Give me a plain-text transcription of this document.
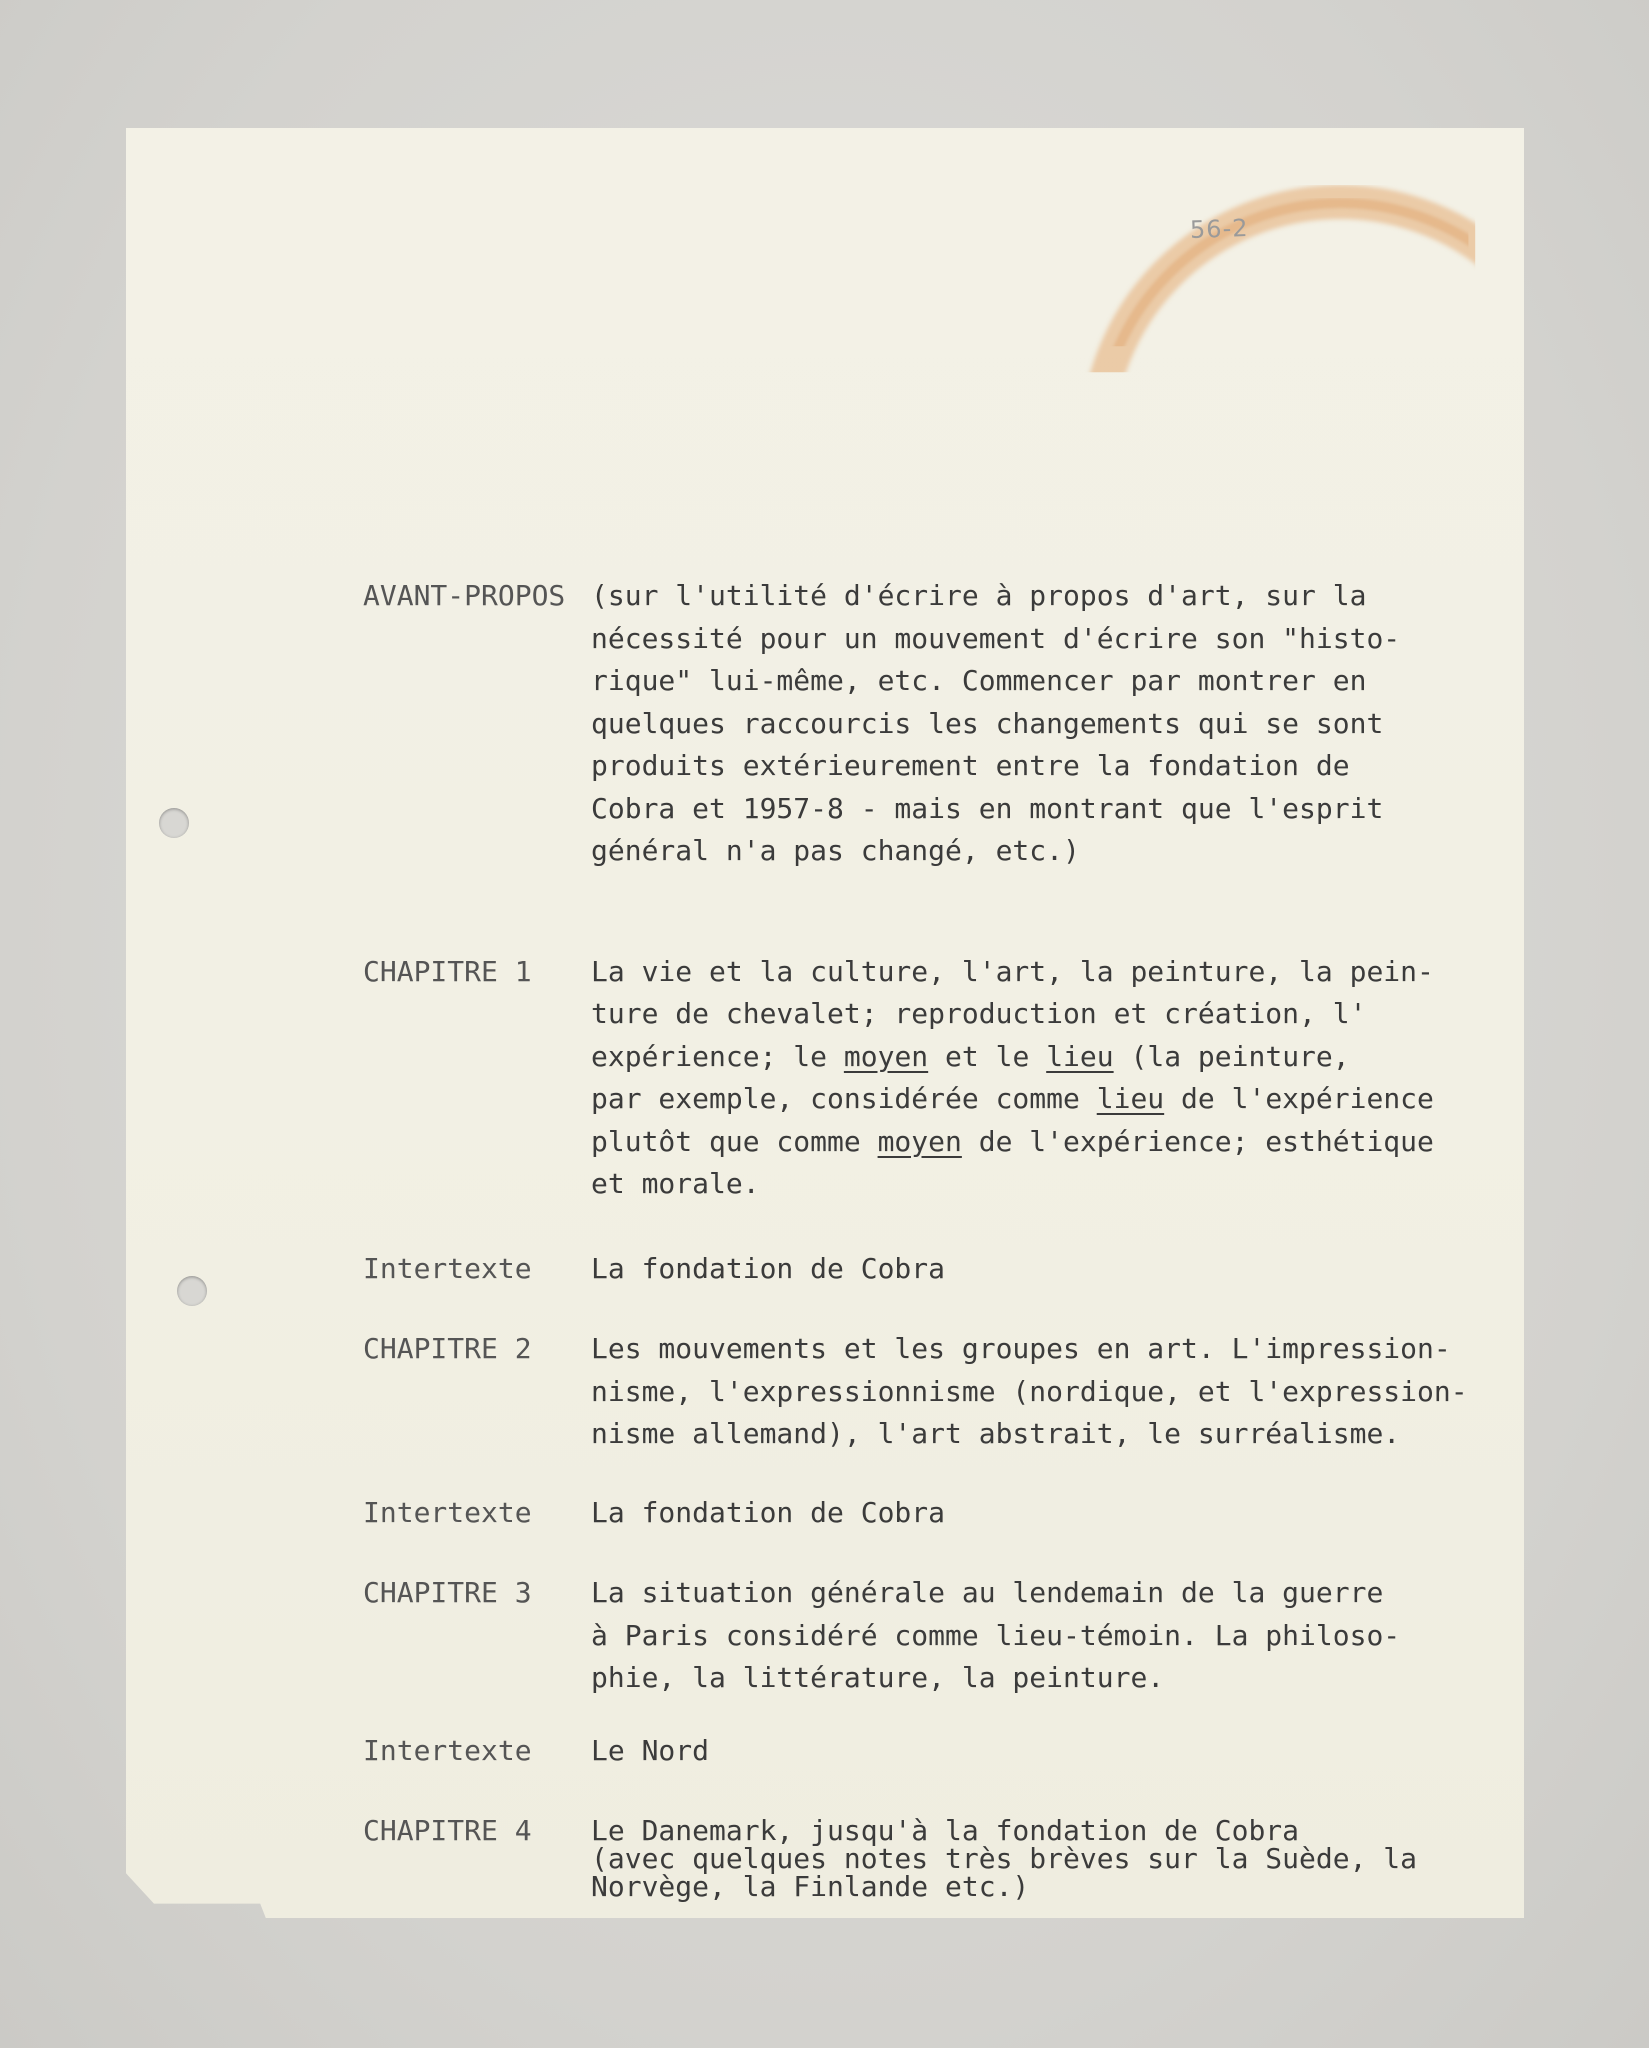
56-2
AVANT-PROPOS (sur l'utilité d'écrire à propos d'art, sur la
nécessité pour un mouvement d'écrire son "histo-
rique" lui-même, etc. Commencer par montrer en
quelques raccourcis les changements qui se sont
produits extérieurement entre la fondation de
Cobra et 1957-8 - mais en montrant que l'esprit
général n'a pas changé, etc.)
CHAPITRE 1	La vie et la culture, l'art, la peinture, la pein-
ture de chevalet; reproduction et création, l'
expérience; le moyen et le lieu (la peinture,
par exemple, considérée comme lieu de l'expérience
plutôt que comme moyen de l'expérience; esthétique
et morale.
Intertexte	La fondation de Cobra
CHAPITRE 2	Les mouvements et les groupes en art. L'impression-
nisme, l'expressionnisme (nordique, et l'expression-
nisme allemand), l'art abstrait, le surréalisme.
Intertexte	La fondation de Cobra
CHAPITRE 3	La situation générale au lendemain de la guerre
à Paris considéré comme lieu-témoin. La philoso-
phie, la littérature, la peinture.
Intertexte	Le Nord
CHAPITRE 4	Le Danemark, jusqu'à la fondation de Cobra
(avec quelques notes très brèves sur la Suède, la
Norvège, la Finlande etc.)
